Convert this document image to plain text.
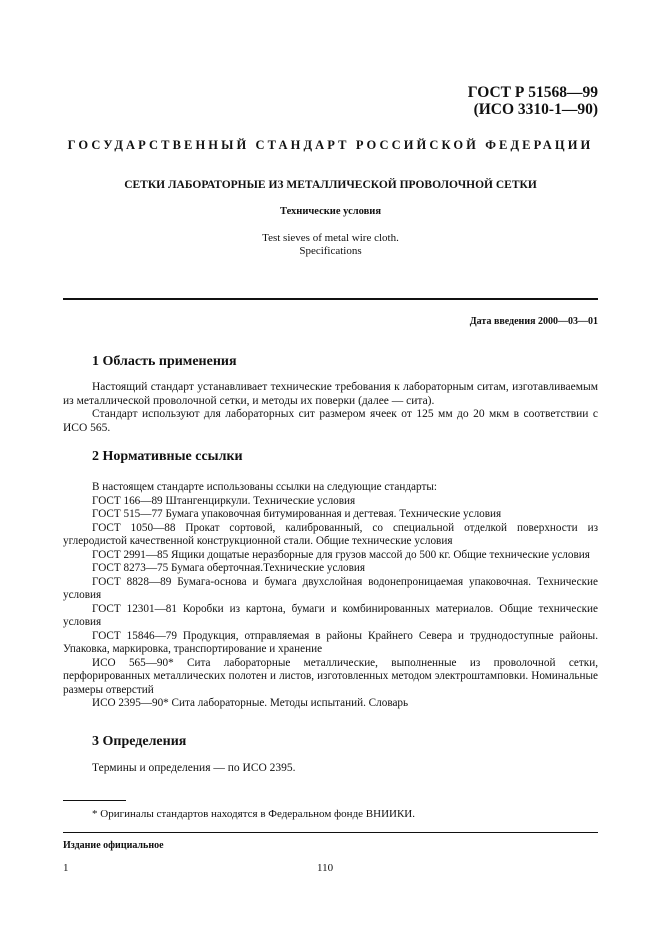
ГОСТ Р 51568—99
(ИСО 3310-1—90)
ГОСУДАРСТВЕННЫЙ СТАНДАРТ РОССИЙСКОЙ ФЕДЕРАЦИИ
СЕТКИ ЛАБОРАТОРНЫЕ ИЗ МЕТАЛЛИЧЕСКОЙ ПРОВОЛОЧНОЙ СЕТКИ
Технические условия
Test sieves of metal wire cloth.
Specifications
Дата введения 2000—03—01
1 Область применения
Настоящий стандарт устанавливает технические требования к лабораторным ситам, изготавливаемым из металлической проволочной сетки, и методы их поверки (далее — сита).
Стандарт используют для лабораторных сит размером ячеек от 125 мм до 20 мкм в соответствии с ИСО 565.
2 Нормативные ссылки
В настоящем стандарте использованы ссылки на следующие стандарты:
ГОСТ 166—89 Штангенциркули. Технические условия
ГОСТ 515—77 Бумага упаковочная битумированная и дегтевая. Технические условия
ГОСТ 1050—88 Прокат сортовой, калиброванный, со специальной отделкой поверхности из углеродистой качественной конструкционной стали. Общие технические условия
ГОСТ 2991—85 Ящики дощатые неразборные для грузов массой до 500 кг. Общие технические условия
ГОСТ 8273—75 Бумага оберточная.Технические условия
ГОСТ 8828—89 Бумага-основа и бумага двухслойная водонепроницаемая упаковочная. Технические условия
ГОСТ 12301—81 Коробки из картона, бумаги и комбинированных материалов. Общие технические условия
ГОСТ 15846—79 Продукция, отправляемая в районы Крайнего Севера и труднодоступные районы. Упаковка, маркировка, транспортирование и хранение
ИСО 565—90* Сита лабораторные металлические, выполненные из проволочной сетки, перфорированных металлических полотен и листов, изготовленных методом электроштамповки. Номинальные размеры отверстий
ИСО 2395—90* Сита лабораторные. Методы испытаний. Словарь
3 Определения
Термины и определения — по ИСО 2395.
* Оригиналы стандартов находятся в Федеральном фонде ВНИИКИ.
Издание официальное
1	110
